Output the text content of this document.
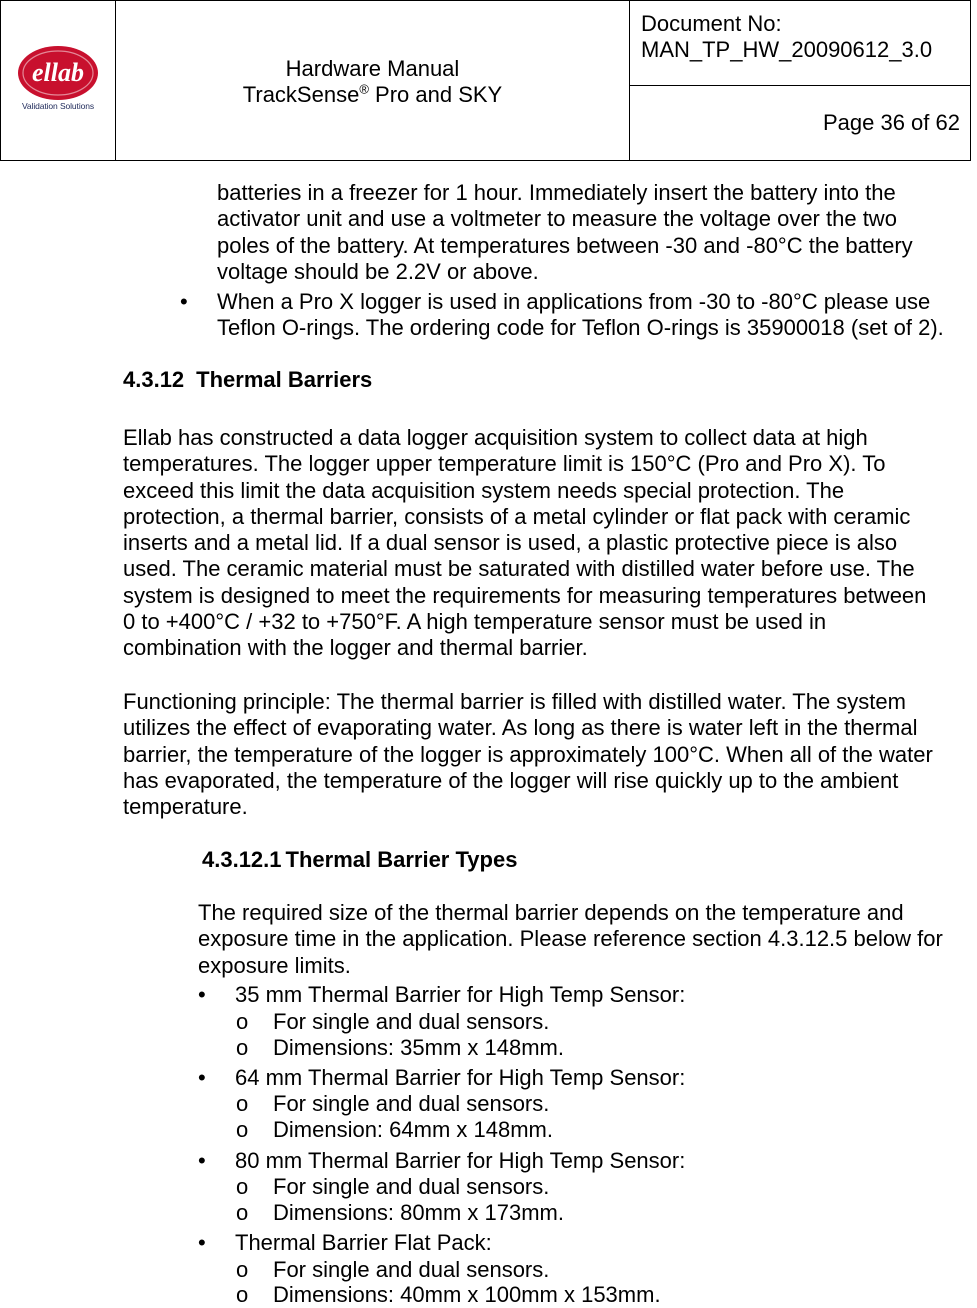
ellab
Validation Solutions

Hardware Manual
TrackSense® Pro and SKY

Document No:
MAN_TP_HW_20090612_3.0

Page 36 of 62
batteries in a freezer for 1 hour. Immediately insert the battery into the
activator unit and use a voltmeter to measure the voltage over the two
poles of the battery. At temperatures between -30 and -80°C the battery
voltage should be 2.2V or above.
• When a Pro X logger is used in applications from -30 to -80°C please use
Teflon O-rings. The ordering code for Teflon O-rings is 35900018 (set of 2).
4.3.12 Thermal Barriers
Ellab has constructed a data logger acquisition system to collect data at high
temperatures. The logger upper temperature limit is 150°C (Pro and Pro X). To
exceed this limit the data acquisition system needs special protection. The
protection, a thermal barrier, consists of a metal cylinder or flat pack with ceramic
inserts and a metal lid. If a dual sensor is used, a plastic protective piece is also
used. The ceramic material must be saturated with distilled water before use. The
system is designed to meet the requirements for measuring temperatures between
0 to +400°C / +32 to +750°F. A high temperature sensor must be used in
combination with the logger and thermal barrier.
Functioning principle: The thermal barrier is filled with distilled water. The system
utilizes the effect of evaporating water. As long as there is water left in the thermal
barrier, the temperature of the logger is approximately 100°C. When all of the water
has evaporated, the temperature of the logger will rise quickly up to the ambient
temperature.
4.3.12.1 Thermal Barrier Types
The required size of the thermal barrier depends on the temperature and
exposure time in the application. Please reference section 4.3.12.5 below for
exposure limits.
• 35 mm Thermal Barrier for High Temp Sensor:
o For single and dual sensors.
o Dimensions: 35mm x 148mm.
• 64 mm Thermal Barrier for High Temp Sensor:
o For single and dual sensors.
o Dimension: 64mm x 148mm.
• 80 mm Thermal Barrier for High Temp Sensor:
o For single and dual sensors.
o Dimensions: 80mm x 173mm.
• Thermal Barrier Flat Pack:
o For single and dual sensors.
o Dimensions: 40mm x 100mm x 153mm.
